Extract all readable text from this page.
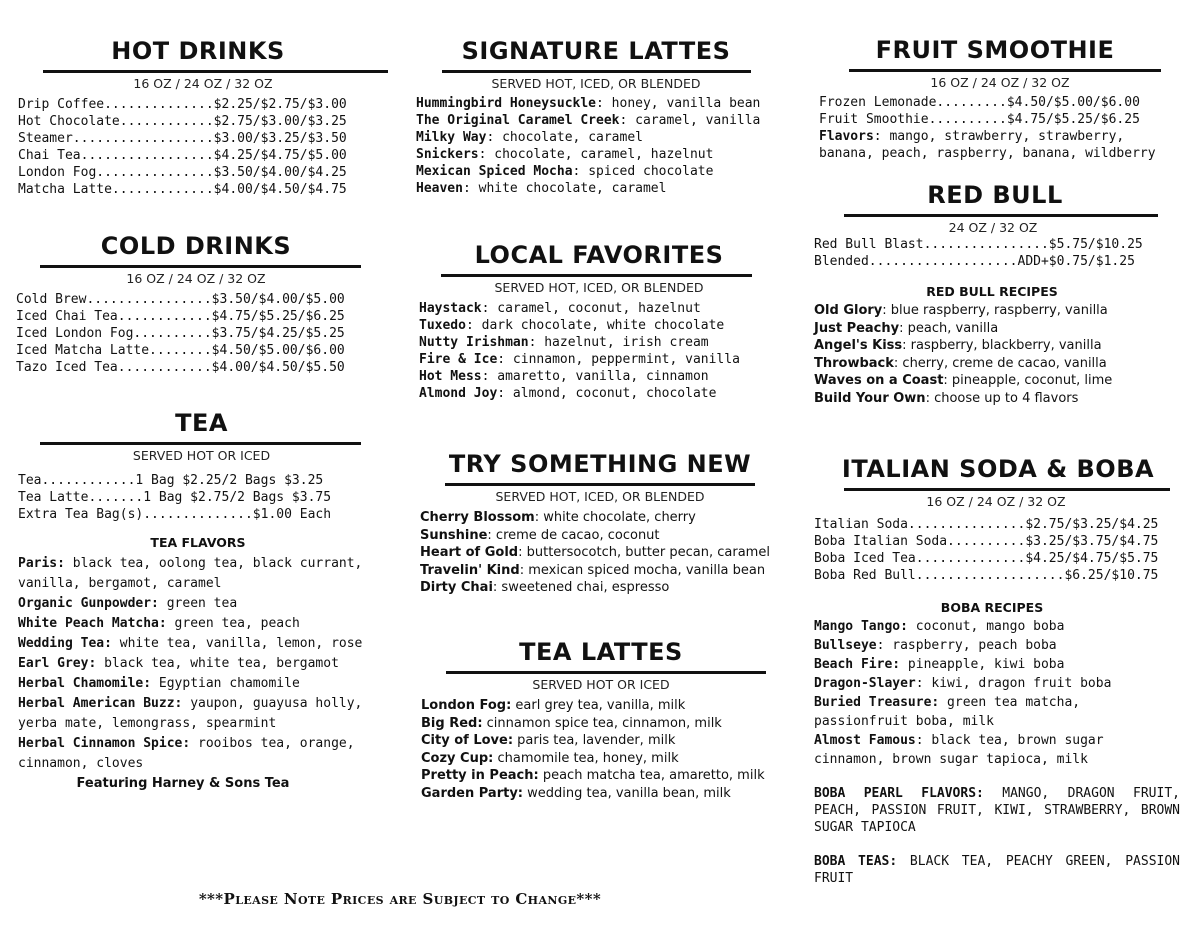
HOT DRINKS
16 OZ / 24 OZ / 32 OZ
Drip Coffee..............$2.25/$2.75/$3.00
Hot Chocolate............$2.75/$3.00/$3.25
Steamer..................$3.00/$3.25/$3.50
Chai Tea.................$4.25/$4.75/$5.00
London Fog...............$3.50/$4.00/$4.25
Matcha Latte.............$4.00/$4.50/$4.75
COLD DRINKS
16 OZ / 24 OZ / 32 OZ
Cold Brew................$3.50/$4.00/$5.00
Iced Chai Tea............$4.75/$5.25/$6.25
Iced London Fog..........$3.75/$4.25/$5.25
Iced Matcha Latte........$4.50/$5.00/$6.00
Tazo Iced Tea............$4.00/$4.50/$5.50
TEA
SERVED HOT OR ICED
Tea............1 Bag $2.25/2 Bags $3.25
Tea Latte.......1 Bag $2.75/2 Bags $3.75
Extra Tea Bag(s)..............$1.00 Each
TEA FLAVORS
Paris: black tea, oolong tea, black currant, vanilla, bergamot, caramel
Organic Gunpowder: green tea
White Peach Matcha: green tea, peach
Wedding Tea: white tea, vanilla, lemon, rose
Earl Grey: black tea, white tea, bergamot
Herbal Chamomile: Egyptian chamomile
Herbal American Buzz: yaupon, guayusa holly, yerba mate, lemongrass, spearmint
Herbal Cinnamon Spice: rooibos tea, orange, cinnamon, cloves
Featuring Harney & Sons Tea
SIGNATURE LATTES
SERVED HOT, ICED, OR BLENDED
Hummingbird Honeysuckle: honey, vanilla bean
The Original Caramel Creek: caramel, vanilla
Milky Way: chocolate, caramel
Snickers: chocolate, caramel, hazelnut
Mexican Spiced Mocha: spiced chocolate
Heaven: white chocolate, caramel
LOCAL FAVORITES
SERVED HOT, ICED, OR BLENDED
Haystack: caramel, coconut, hazelnut
Tuxedo: dark chocolate, white chocolate
Nutty Irishman: hazelnut, irish cream
Fire & Ice: cinnamon, peppermint, vanilla
Hot Mess: amaretto, vanilla, cinnamon
Almond Joy: almond, coconut, chocolate
TRY SOMETHING NEW
SERVED HOT, ICED, OR BLENDED
Cherry Blossom: white chocolate, cherry
Sunshine: creme de cacao, coconut
Heart of Gold: buttersocotch, butter pecan, caramel
Travelin' Kind: mexican spiced mocha, vanilla bean
Dirty Chai: sweetened chai, espresso
TEA LATTES
SERVED HOT OR ICED
London Fog: earl grey tea, vanilla, milk
Big Red: cinnamon spice tea, cinnamon, milk
City of Love: paris tea, lavender, milk
Cozy Cup: chamomile tea, honey, milk
Pretty in Peach: peach matcha tea, amaretto, milk
Garden Party: wedding tea, vanilla bean, milk
FRUIT SMOOTHIE
16 OZ / 24 OZ / 32 OZ
Frozen Lemonade.........$4.50/$5.00/$6.00
Fruit Smoothie..........$4.75/$5.25/$6.25
Flavors: mango, strawberry, strawberry, banana, peach, raspberry, banana, wildberry
RED BULL
24 OZ / 32 OZ
Red Bull Blast................$5.75/$10.25
Blended...................ADD+$0.75/$1.25
RED BULL RECIPES
Old Glory: blue raspberry, raspberry, vanilla
Just Peachy: peach, vanilla
Angel's Kiss: raspberry, blackberry, vanilla
Throwback: cherry, creme de cacao, vanilla
Waves on a Coast: pineapple, coconut, lime
Build Your Own: choose up to 4 flavors
ITALIAN SODA & BOBA
16 OZ / 24 OZ / 32 OZ
Italian Soda...............$2.75/$3.25/$4.25
Boba Italian Soda..........$3.25/$3.75/$4.75
Boba Iced Tea..............$4.25/$4.75/$5.75
Boba Red Bull...................$6.25/$10.75
BOBA RECIPES
Mango Tango: coconut, mango boba
Bullseye: raspberry, peach boba
Beach Fire: pineapple, kiwi boba
Dragon-Slayer: kiwi, dragon fruit boba
Buried Treasure: green tea matcha, passionfruit boba, milk
Almost Famous: black tea, brown sugar cinnamon, brown sugar tapioca, milk
BOBA PEARL FLAVORS: MANGO, DRAGON FRUIT, PEACH, PASSION FRUIT, KIWI, STRAWBERRY, BROWN SUGAR TAPIOCA
BOBA TEAS: BLACK TEA, PEACHY GREEN, PASSION FRUIT
***Please Note Prices are Subject to Change***
